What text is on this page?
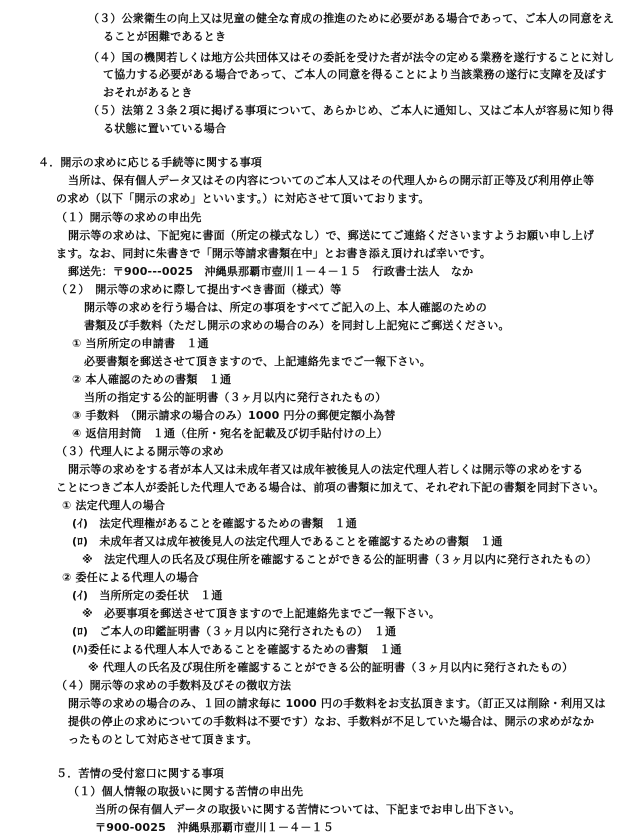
（３）公衆衛生の向上又は児童の健全な育成の推進のために必要がある場合であって、ご本人の同意をえ
ることが困難であるとき
（４）国の機関若しくは地方公共団体又はその委託を受けた者が法令の定める業務を遂行することに対し
て協力する必要がある場合であって、ご本人の同意を得ることにより当該業務の遂行に支障を及ぼす
おそれがあるとき
（５）法第２３条２項に掲げる事項について、あらかじめ、ご本人に通知し、又はご本人が容易に知り得
る状態に置いている場合
４．開示の求めに応じる手続等に関する事項
当所は、保有個人データ又はその内容についてのご本人又はその代理人からの開示訂正等及び利用停止等
の求め（以下「開示の求め」といいます。）に対応させて頂いております。
（１）開示等の求めの申出先
開示等の求めは、下記宛に書面（所定の様式なし）で、郵送にてご連絡くださいますようお願い申し上げ
ます。なお、同封に朱書きで「開示等請求書類在中」とお書き添え頂ければ幸いです。
郵送先：〒900---0025　沖縄県那覇市壺川１－４－１５　行政書士法人　なか
（２）　開示等の求めに際して提出すべき書面（様式）等
開示等の求めを行う場合は、所定の事項をすべてご記入の上、本人確認のための
書類及び手数料（ただし開示の求めの場合のみ）を同封し上記宛にご郵送ください。
① 当所所定の申請書　１通
必要書類を郵送させて頂きますので、上記連絡先までご一報下さい。
② 本人確認のための書類　１通
当所の指定する公的証明書（３ヶ月以内に発行されたもの）
③ 手数料　（開示請求の場合のみ）1000 円分の郵便定額小為替
④ 返信用封筒　１通（住所・宛名を記載及び切手貼付けの上）
（３）代理人による開示等の求め
開示等の求めをする者が本人又は未成年者又は成年被後見人の法定代理人若しくは開示等の求めをする
ことにつきご本人が委託した代理人である場合は、前項の書類に加えて、それぞれ下記の書類を同封下さい。
① 法定代理人の場合
(ｲ)　法定代理権があることを確認するための書類　１通
(ﾛ)　未成年者又は成年被後見人の法定代理人であることを確認するための書類　１通
※　法定代理人の氏名及び現住所を確認することができる公的証明書（３ヶ月以内に発行されたもの）
② 委任による代理人の場合
(ｲ)　当所所定の委任状　１通
※　必要事項を郵送させて頂きますので上記連絡先までご一報下さい。
(ﾛ)　ご本人の印鑑証明書（３ヶ月以内に発行されたもの）　１通
(ﾊ)委任による代理人本人であることを確認するための書類　１通
※ 代理人の氏名及び現住所を確認することができる公的証明書（３ヶ月以内に発行されたもの）
（４）開示等の求めの手数料及びその徴収方法
開示等の求めの場合のみ、１回の請求毎に 1000 円の手数料をお支払頂きます。（訂正又は削除・利用又は
提供の停止の求めについての手数料は不要です）なお、手数料が不足していた場合は、開示の求めがなか
ったものとして対応させて頂きます。
５．苦情の受付窓口に関する事項
（１）個人情報の取扱いに関する苦情の申出先
当所の保有個人データの取扱いに関する苦情については、下記までお申し出下さい。
〒900-0025　沖縄県那覇市壺川１－４－１５
